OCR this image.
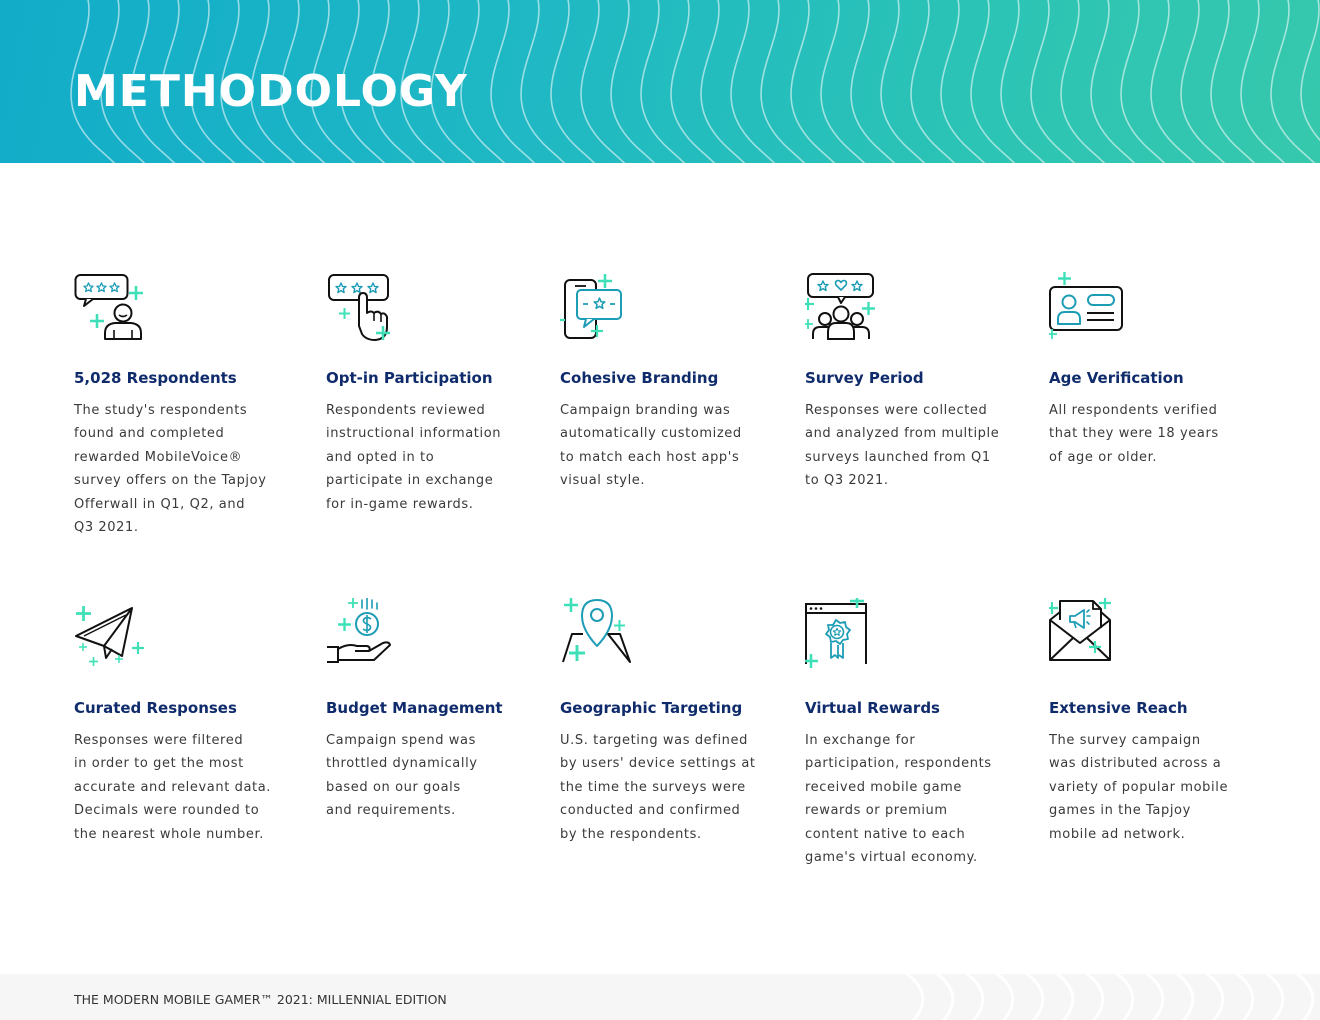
METHODOLOGY
5,028 Respondents

The study's respondents
found and completed
rewarded MobileVoice®
survey offers on the Tapjoy
Offerwall in Q1, Q2, and
Q3 2021.

Opt-in Participation

Respondents reviewed
instructional information
and opted in to
participate in exchange
for in-game rewards.

Cohesive Branding

Campaign branding was
automatically customized
to match each host app's
visual style.

Survey Period

Responses were collected
and analyzed from multiple
surveys launched from Q1
to Q3 2021.

Age Verification

All respondents verified
that they were 18 years
of age or older.

Curated Responses

Responses were filtered
in order to get the most
accurate and relevant data.
Decimals were rounded to
the nearest whole number.

Budget Management

Campaign spend was
throttled dynamically
based on our goals
and requirements.

Geographic Targeting

U.S. targeting was defined
by users' device settings at
the time the surveys were
conducted and confirmed
by the respondents.

Virtual Rewards

In exchange for
participation, respondents
received mobile game
rewards or premium
content native to each
game's virtual economy.

Extensive Reach

The survey campaign
was distributed across a
variety of popular mobile
games in the Tapjoy
mobile ad network.

THE MODERN MOBILE GAMER™ 2021: MILLENNIAL EDITION
